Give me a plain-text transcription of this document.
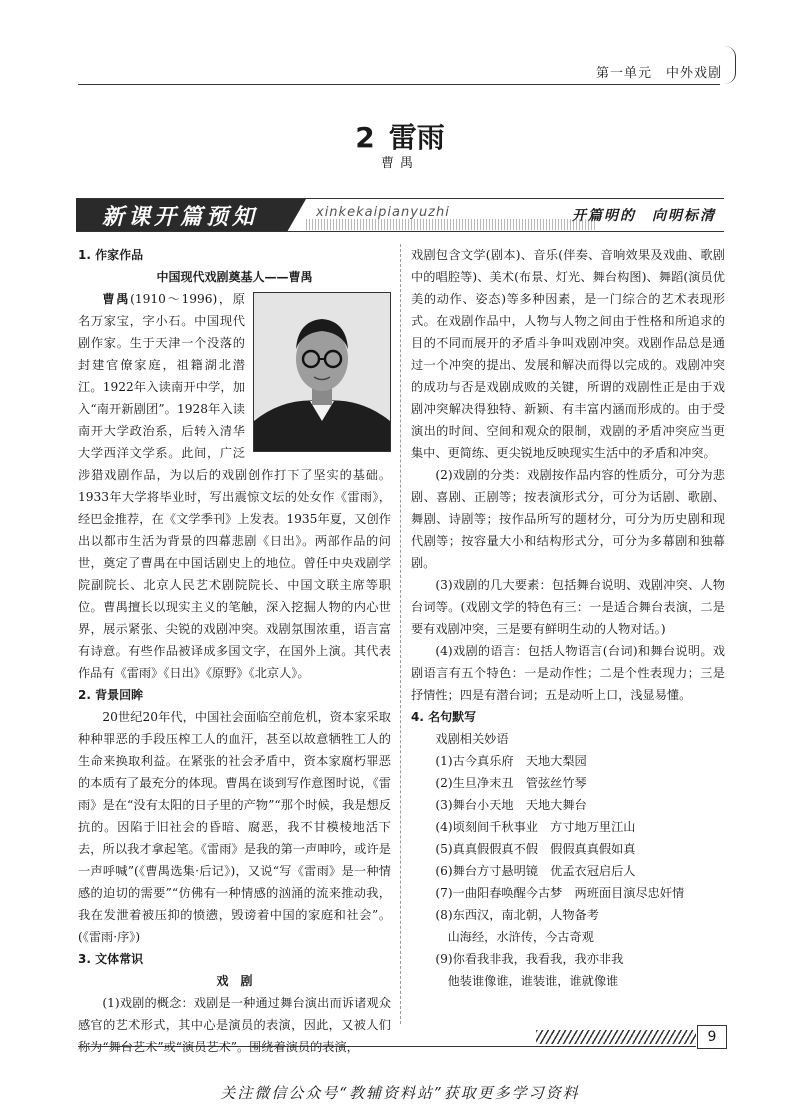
第一单元　中外戏剧
2 雷雨
曹禺
新课开篇预知	xinkekaipianyuzhi	开篇明的　向明标清

1. 作家作品

中国现代戏剧奠基人——曹禺

曹禺(1910～1996)，原名万家宝，字小石。中国现代剧作家。生于天津一个没落的封建官僚家庭，祖籍湖北潜江。1922年入读南开中学，加入“南开新剧团”。1928年入读南开大学政治系，后转入清华大学西洋文学系。此间，广泛涉猎戏剧作品，为以后的戏剧创作打下了坚实的基础。1933年大学将毕业时，写出震惊文坛的处女作《雷雨》，经巴金推荐，在《文学季刊》上发表。1935年夏，又创作出以都市生活为背景的四幕悲剧《日出》。两部作品的问世，奠定了曹禺在中国话剧史上的地位。曾任中央戏剧学院副院长、北京人民艺术剧院院长、中国文联主席等职位。曹禺擅长以现实主义的笔触，深入挖掘人物的内心世界，展示紧张、尖锐的戏剧冲突。戏剧氛围浓重，语言富有诗意。有些作品被译成多国文字，在国外上演。其代表作品有《雷雨》《日出》《原野》《北京人》。

2. 背景回眸

20世纪20年代，中国社会面临空前危机，资本家采取种种罪恶的手段压榨工人的血汗，甚至以故意牺牲工人的生命来换取利益。在紧张的社会矛盾中，资本家腐朽罪恶的本质有了最充分的体现。曹禺在谈到写作意图时说，《雷雨》是在“没有太阳的日子里的产物”“那个时候，我是想反抗的。因陷于旧社会的昏暗、腐恶，我不甘模棱地活下去，所以我才拿起笔。《雷雨》是我的第一声呻吟，或许是一声呼喊”(《曹禺选集·后记》)，又说“写《雷雨》是一种情感的迫切的需要”“仿佛有一种情感的汹涌的流来推动我，我在发泄着被压抑的愤懑，毁谤着中国的家庭和社会”。(《雷雨·序》)

3. 文体常识

戏　剧

(1)戏剧的概念：戏剧是一种通过舞台演出而诉诸观众感官的艺术形式，其中心是演员的表演，因此，又被人们称为“舞台艺术”或“演员艺术”。围绕着演员的表演，

戏剧包含文学(剧本)、音乐(伴奏、音响效果及戏曲、歌剧中的唱腔等)、美术(布景、灯光、舞台构图)、舞蹈(演员优美的动作、姿态)等多种因素，是一门综合的艺术表现形式。在戏剧作品中，人物与人物之间由于性格和所追求的目的不同而展开的矛盾斗争叫戏剧冲突。戏剧作品总是通过一个冲突的提出、发展和解决而得以完成的。戏剧冲突的成功与否是戏剧成败的关键，所谓的戏剧性正是由于戏剧冲突解决得独特、新颖、有丰富内涵而形成的。由于受演出的时间、空间和观众的限制，戏剧的矛盾冲突应当更集中、更简练、更尖锐地反映现实生活中的矛盾和冲突。

(2)戏剧的分类：戏剧按作品内容的性质分，可分为悲剧、喜剧、正剧等；按表演形式分，可分为话剧、歌剧、舞剧、诗剧等；按作品所写的题材分，可分为历史剧和现代剧等；按容量大小和结构形式分，可分为多幕剧和独幕剧。

(3)戏剧的几大要素：包括舞台说明、戏剧冲突、人物台词等。(戏剧文学的特色有三：一是适合舞台表演，二是要有戏剧冲突，三是要有鲜明生动的人物对话。)

(4)戏剧的语言：包括人物语言(台词)和舞台说明。戏剧语言有五个特色：一是动作性；二是个性表现力；三是抒情性；四是有潜台词；五是动听上口，浅显易懂。

4. 名句默写

戏剧相关妙语

(1)古今真乐府　天地大梨园

(2)生旦净末丑　管弦丝竹琴

(3)舞台小天地　天地大舞台

(4)顷刻间千秋事业　方寸地万里江山

(5)真真假假真不假　假假真真假如真

(6)舞台方寸悬明镜　优孟衣冠启后人

(7)一曲阳春唤醒今古梦　两班面目演尽忠奸情

(8)东西汉，南北朝，人物备考

山海经，水浒传，今古奇观

(9)你看我非我，我看我，我亦非我

他装谁像谁，谁装谁，谁就像谁

9
关注微信公众号“教辅资料站”获取更多学习资料
